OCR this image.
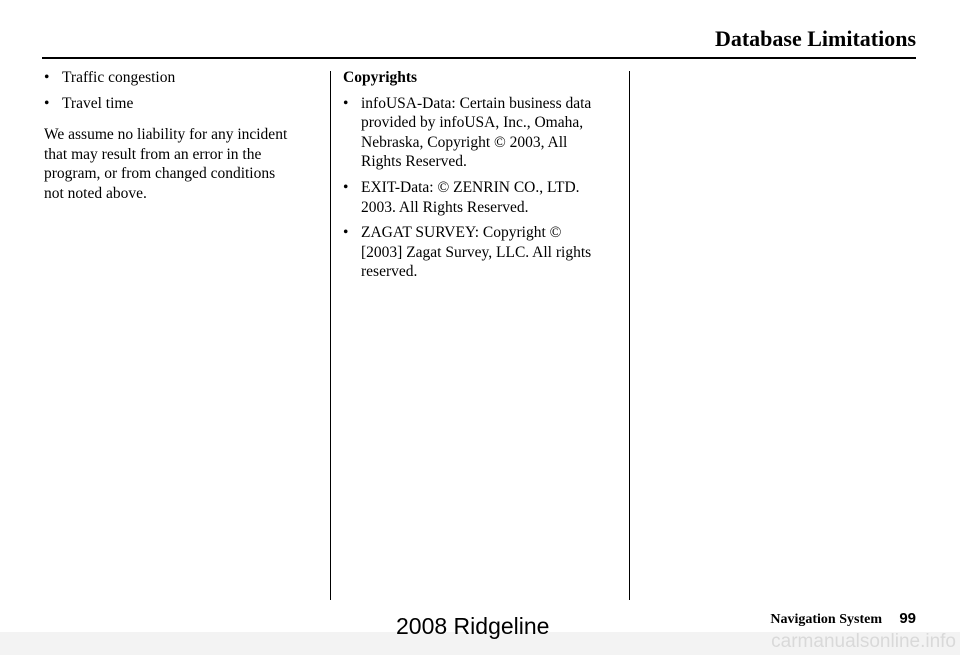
Database Limitations
• Traffic congestion
• Travel time
We assume no liability for any incident
that may result from an error in the
program, or from changed conditions
not noted above.
Copyrights
• infoUSA-Data: Certain business data
provided by infoUSA, Inc., Omaha,
Nebraska, Copyright © 2003, All
Rights Reserved.
• EXIT-Data: © ZENRIN CO., LTD.
2003. All Rights Reserved.
• ZAGAT SURVEY: Copyright ©
[2003] Zagat Survey, LLC. All rights
reserved.
carmanualsonline.info
Navigation System 99
2008 Ridgeline
